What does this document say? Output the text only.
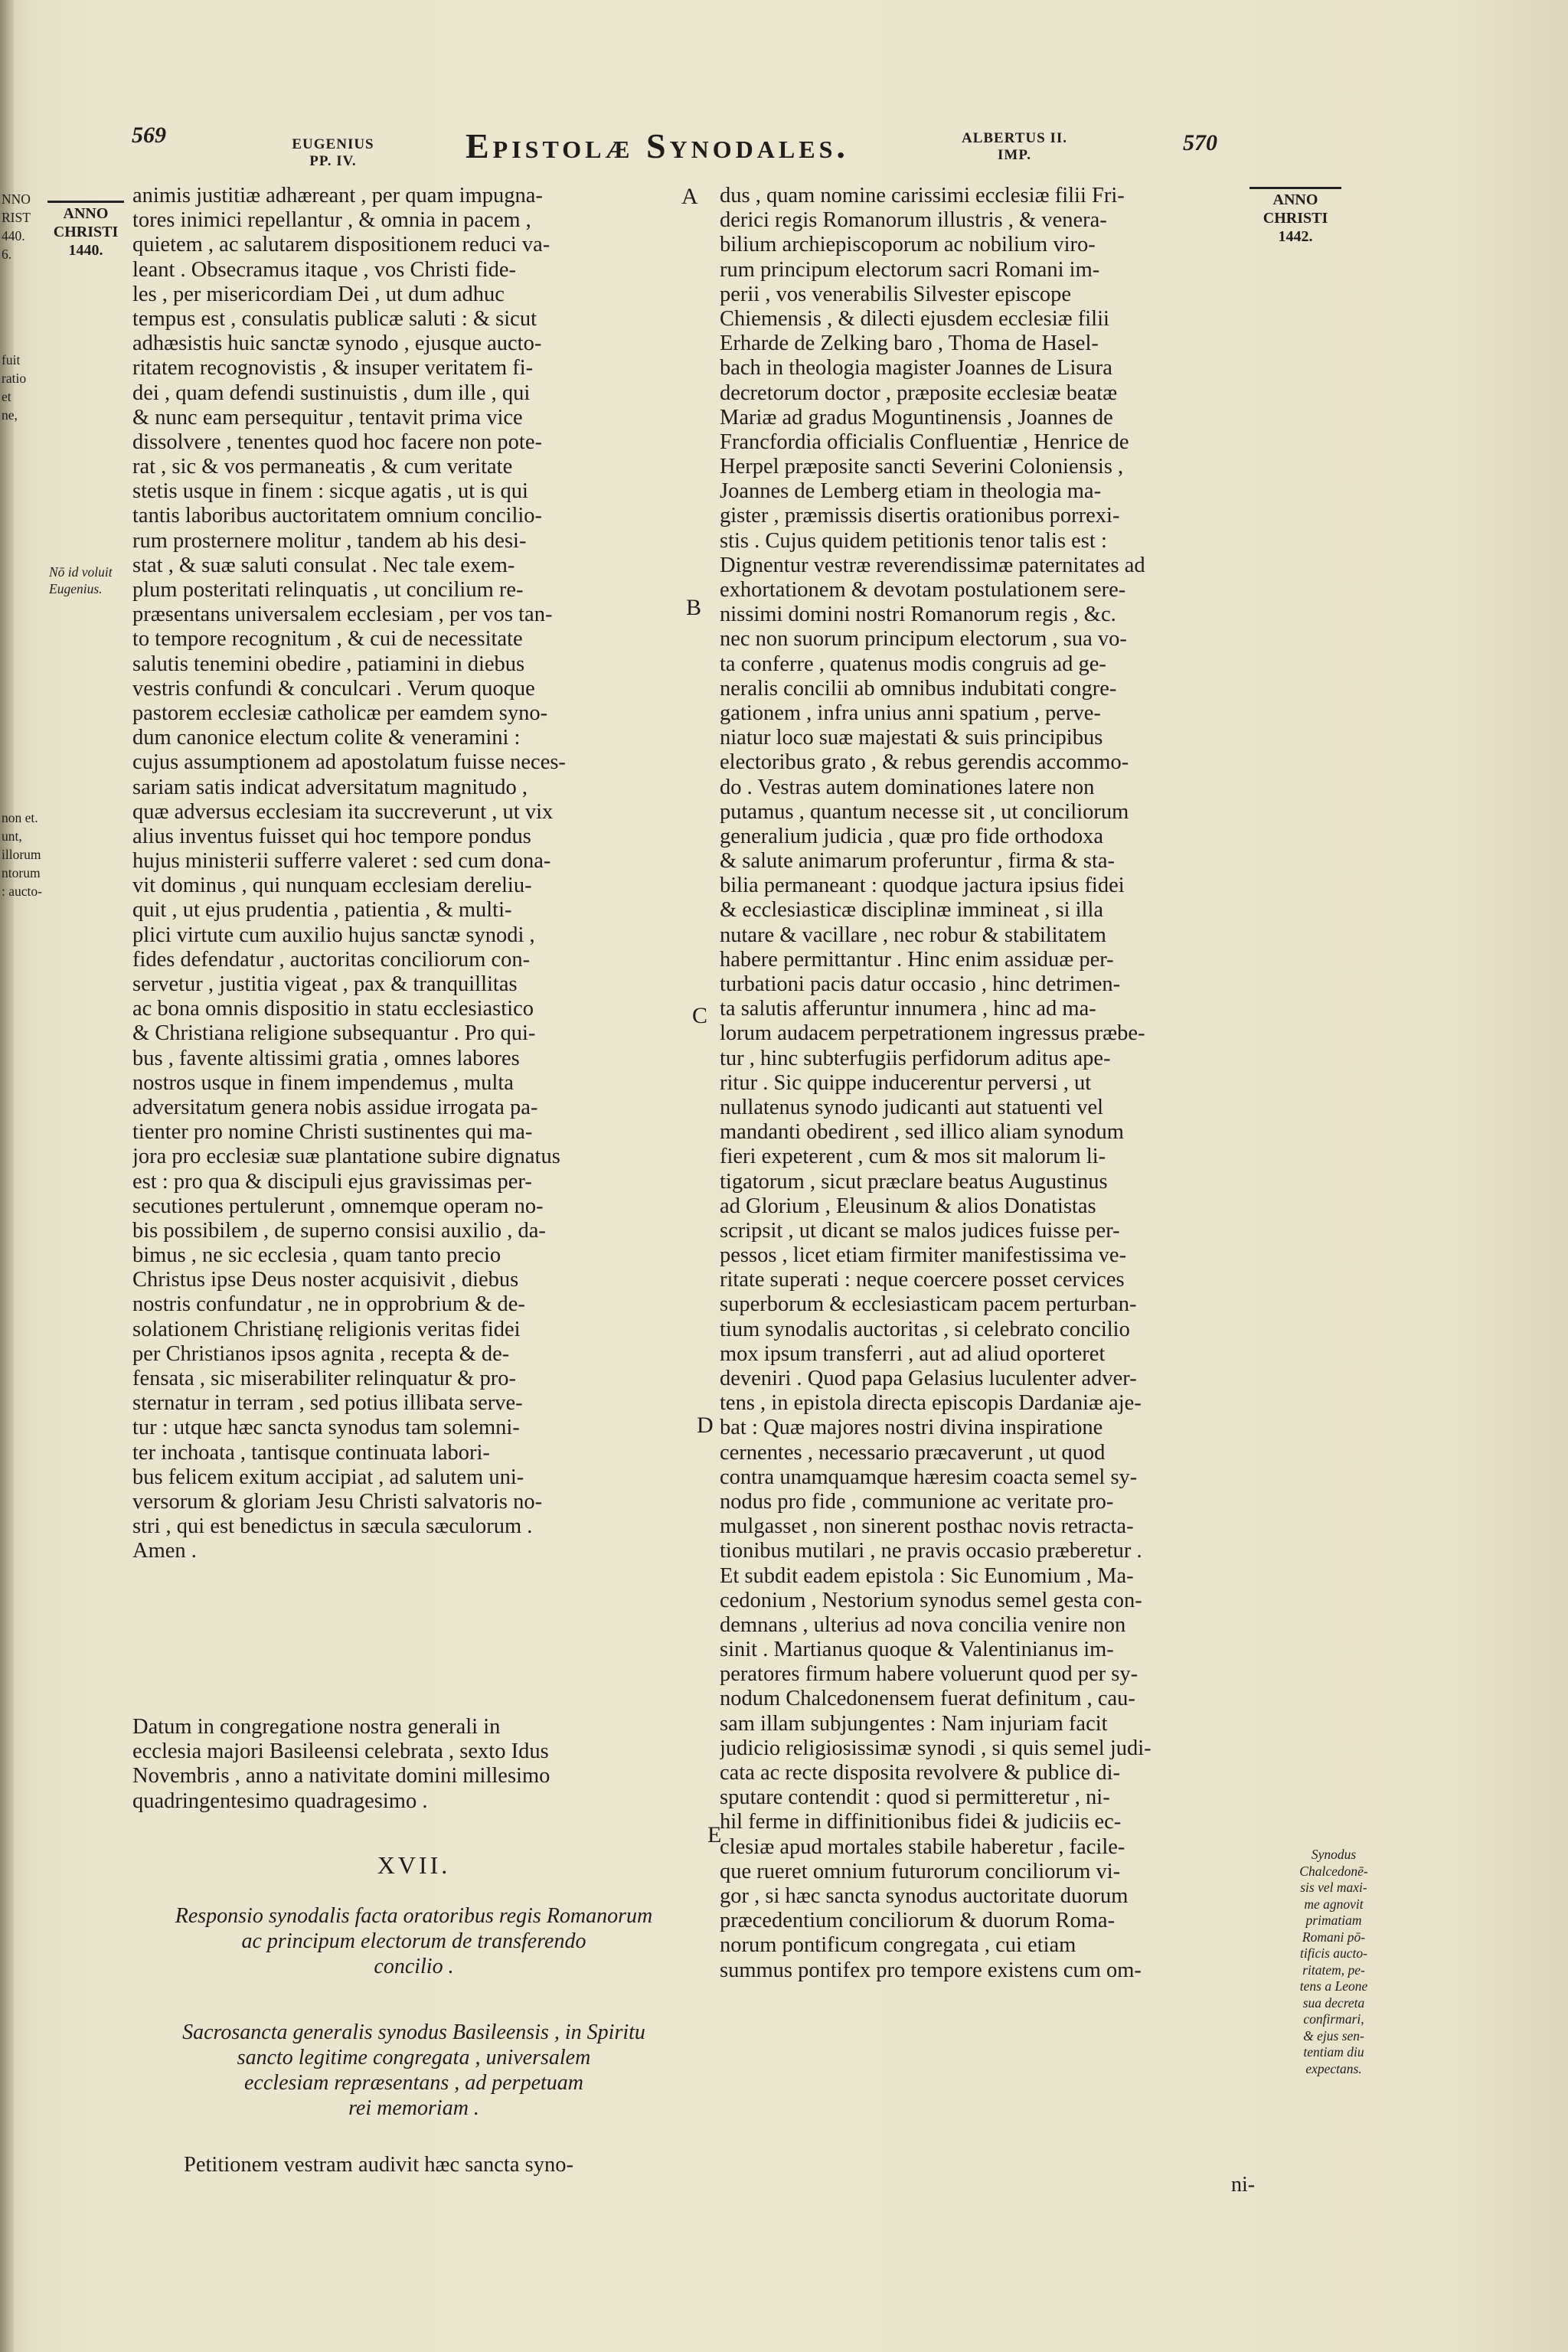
569	EUGENIUS
PP. IV.	Epistolæ Synodales.	ALBERTUS II.
IMP.	570
NNO
RIST
440.
6.
fuit
ratio
et
ne,
non et.
unt,
illorum
ntorum
: aucto-
ANNO
CHRISTI
1440.
ANNO
CHRISTI
1442.
Nō id voluit
Eugenius.
Synodus
Chalcedonē-
sis vel maxi-
me agnovit
primatiam
Romani pō-
tificis aucto-
ritatem, pe-
tens a Leone
sua decreta
confirmari,
& ejus sen-
tentiam diu
expectans.
A
B
C
D
E
animis justitiæ adhæreant , per quam impugna-
tores inimici repellantur , & omnia in pacem ,
quietem , ac salutarem dispositionem reduci va-
leant . Obsecramus itaque , vos Christi fide-
les , per misericordiam Dei , ut dum adhuc
tempus est , consulatis publicæ saluti : & sicut
adhæsistis huic sanctæ synodo , ejusque aucto-
ritatem recognovistis , & insuper veritatem fi-
dei , quam defendi sustinuistis , dum ille , qui
& nunc eam persequitur , tentavit prima vice
dissolvere , tenentes quod hoc facere non pote-
rat , sic & vos permaneatis , & cum veritate
stetis usque in finem : sicque agatis , ut is qui
tantis laboribus auctoritatem omnium concilio-
rum prosternere molitur , tandem ab his desi-
stat , & suæ saluti consulat . Nec tale exem-
plum posteritati relinquatis , ut concilium re-
præsentans universalem ecclesiam , per vos tan-
to tempore recognitum , & cui de necessitate
salutis tenemini obedire , patiamini in diebus
vestris confundi & conculcari . Verum quoque
pastorem ecclesiæ catholicæ per eamdem syno-
dum canonice electum colite & veneramini :
cujus assumptionem ad apostolatum fuisse neces-
sariam satis indicat adversitatum magnitudo ,
quæ adversus ecclesiam ita succreverunt , ut vix
alius inventus fuisset qui hoc tempore pondus
hujus ministerii sufferre valeret : sed cum dona-
vit dominus , qui nunquam ecclesiam dereliu-
quit , ut ejus prudentia , patientia , & multi-
plici virtute cum auxilio hujus sanctæ synodi ,
fides defendatur , auctoritas conciliorum con-
servetur , justitia vigeat , pax & tranquillitas
ac bona omnis dispositio in statu ecclesiastico
& Christiana religione subsequantur . Pro qui-
bus , favente altissimi gratia , omnes labores
nostros usque in finem impendemus , multa
adversitatum genera nobis assidue irrogata pa-
tienter pro nomine Christi sustinentes qui ma-
jora pro ecclesiæ suæ plantatione subire dignatus
est : pro qua & discipuli ejus gravissimas per-
secutiones pertulerunt , omnemque operam no-
bis possibilem , de superno consisi auxilio , da-
bimus , ne sic ecclesia , quam tanto precio
Christus ipse Deus noster acquisivit , diebus
nostris confundatur , ne in opprobrium & de-
solationem Christianę religionis veritas fidei
per Christianos ipsos agnita , recepta & de-
fensata , sic miserabiliter relinquatur & pro-
sternatur in terram , sed potius illibata serve-
tur : utque hæc sancta synodus tam solemni-
ter inchoata , tantisque continuata labori-
bus felicem exitum accipiat , ad salutem uni-
versorum & gloriam Jesu Christi salvatoris no-
stri , qui est benedictus in sæcula sæculorum .
Amen .
Datum in congregatione nostra generali in
ecclesia majori Basileensi celebrata , sexto Idus
Novembris , anno a nativitate domini millesimo
quadringentesimo quadragesimo .
XVII.
Responsio synodalis facta oratoribus regis Romanorum
ac principum electorum de transferendo
concilio .
Sacrosancta generalis synodus Basileensis , in Spiritu
sancto legitime congregata , universalem
ecclesiam repræsentans , ad perpetuam
rei memoriam .
Petitionem vestram audivit hæc sancta syno-
dus , quam nomine carissimi ecclesiæ filii Fri-
derici regis Romanorum illustris , & venera-
bilium archiepiscoporum ac nobilium viro-
rum principum electorum sacri Romani im-
perii , vos venerabilis Silvester episcope
Chiemensis , & dilecti ejusdem ecclesiæ filii
Erharde de Zelking baro , Thoma de Hasel-
bach in theologia magister Joannes de Lisura
decretorum doctor , præposite ecclesiæ beatæ
Mariæ ad gradus Moguntinensis , Joannes de
Francfordia officialis Confluentiæ , Henrice de
Herpel præposite sancti Severini Coloniensis ,
Joannes de Lemberg etiam in theologia ma-
gister , præmissis disertis orationibus porrexi-
stis . Cujus quidem petitionis tenor talis est :
Dignentur vestræ reverendissimæ paternitates ad
exhortationem & devotam postulationem sere-
nissimi domini nostri Romanorum regis , &c.
nec non suorum principum electorum , sua vo-
ta conferre , quatenus modis congruis ad ge-
neralis concilii ab omnibus indubitati congre-
gationem , infra unius anni spatium , perve-
niatur loco suæ majestati & suis principibus
electoribus grato , & rebus gerendis accommo-
do . Vestras autem dominationes latere non
putamus , quantum necesse sit , ut conciliorum
generalium judicia , quæ pro fide orthodoxa
& salute animarum proferuntur , firma & sta-
bilia permaneant : quodque jactura ipsius fidei
& ecclesiasticæ disciplinæ immineat , si illa
nutare & vacillare , nec robur & stabilitatem
habere permittantur . Hinc enim assiduæ per-
turbationi pacis datur occasio , hinc detrimen-
ta salutis afferuntur innumera , hinc ad ma-
lorum audacem perpetrationem ingressus præbe-
tur , hinc subterfugiis perfidorum aditus ape-
ritur . Sic quippe inducerentur perversi , ut
nullatenus synodo judicanti aut statuenti vel
mandanti obedirent , sed illico aliam synodum
fieri expeterent , cum & mos sit malorum li-
tigatorum , sicut præclare beatus Augustinus
ad Glorium , Eleusinum & alios Donatistas
scripsit , ut dicant se malos judices fuisse per-
pessos , licet etiam firmiter manifestissima ve-
ritate superati : neque coercere posset cervices
superborum & ecclesiasticam pacem perturban-
tium synodalis auctoritas , si celebrato concilio
mox ipsum transferri , aut ad aliud oporteret
deveniri . Quod papa Gelasius luculenter adver-
tens , in epistola directa episcopis Dardaniæ aje-
bat : Quæ majores nostri divina inspiratione
cernentes , necessario præcaverunt , ut quod
contra unamquamque hæresim coacta semel sy-
nodus pro fide , communione ac veritate pro-
mulgasset , non sinerent posthac novis retracta-
tionibus mutilari , ne pravis occasio præberetur .
Et subdit eadem epistola : Sic Eunomium , Ma-
cedonium , Nestorium synodus semel gesta con-
demnans , ulterius ad nova concilia venire non
sinit . Martianus quoque & Valentinianus im-
peratores firmum habere voluerunt quod per sy-
nodum Chalcedonensem fuerat definitum , cau-
sam illam subjungentes : Nam injuriam facit
judicio religiosissimæ synodi , si quis semel judi-
cata ac recte disposita revolvere & publice di-
sputare contendit : quod si permitteretur , ni-
hil ferme in diffinitionibus fidei & judiciis ec-
clesiæ apud mortales stabile haberetur , facile-
que rueret omnium futurorum conciliorum vi-
gor , si hæc sancta synodus auctoritate duorum
præcedentium conciliorum & duorum Roma-
norum pontificum congregata , cui etiam
summus pontifex pro tempore existens cum om-
ni-
